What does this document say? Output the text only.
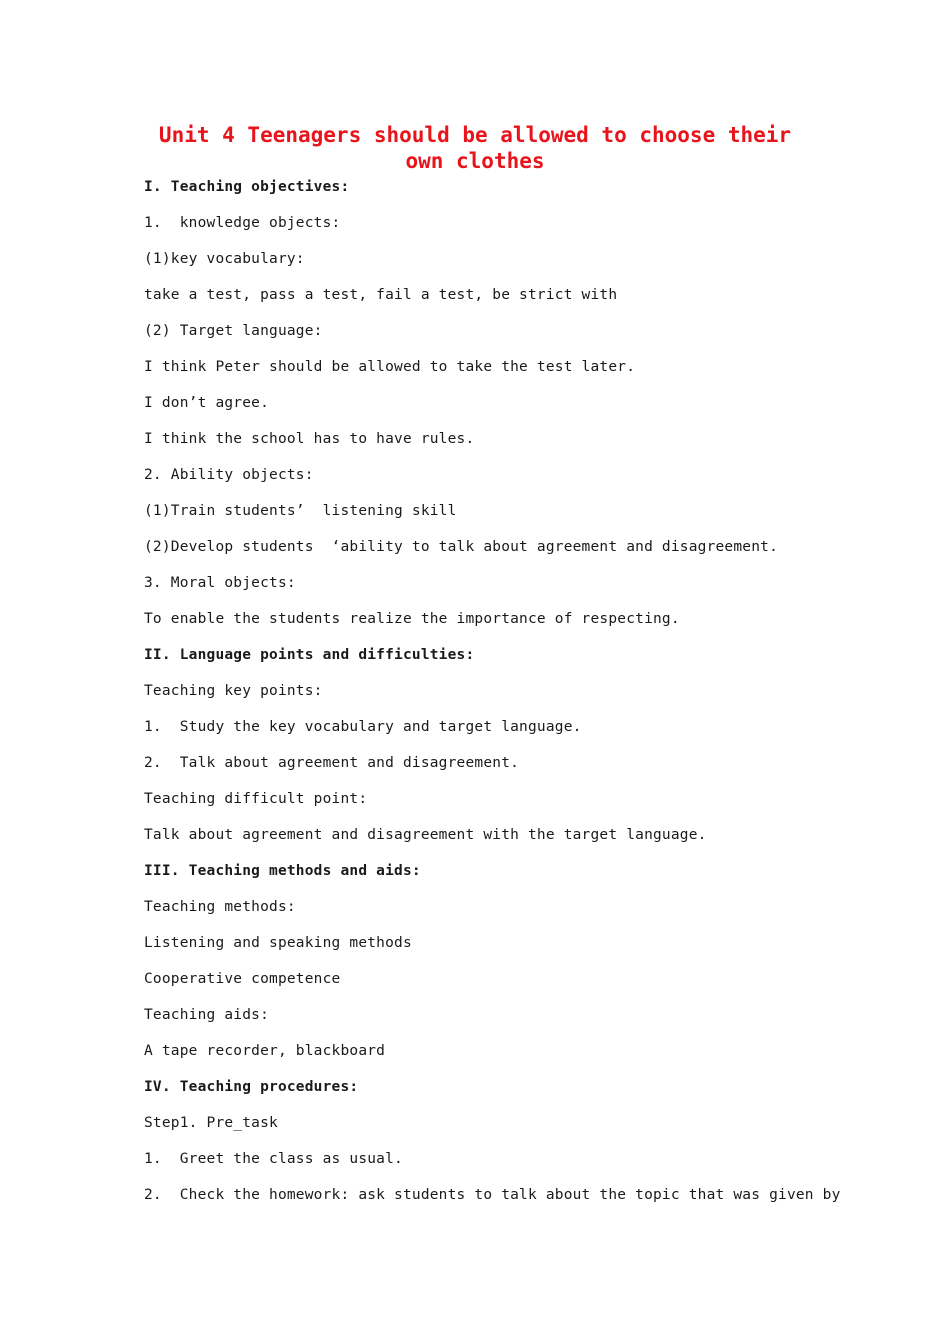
Unit 4 Teenagers should be allowed to choose their own clothes
I. Teaching objectives:
1.  knowledge objects:
(1)key vocabulary:
take a test, pass a test, fail a test, be strict with
(2) Target language:
I think Peter should be allowed to take the test later.
I don’t agree.
I think the school has to have rules.
2. Ability objects:
(1)Train students’  listening skill
(2)Develop students  ‘ability to talk about agreement and disagreement.
3. Moral objects:
To enable the students realize the importance of respecting.
II. Language points and difficulties:
Teaching key points:
1.  Study the key vocabulary and target language.
2.  Talk about agreement and disagreement.
Teaching difficult point:
Talk about agreement and disagreement with the target language.
III. Teaching methods and aids:
Teaching methods:
Listening and speaking methods
Cooperative competence
Teaching aids:
A tape recorder, blackboard
IV. Teaching procedures:
Step1. Pre_task
1.  Greet the class as usual.
2.  Check the homework: ask students to talk about the topic that was given by
